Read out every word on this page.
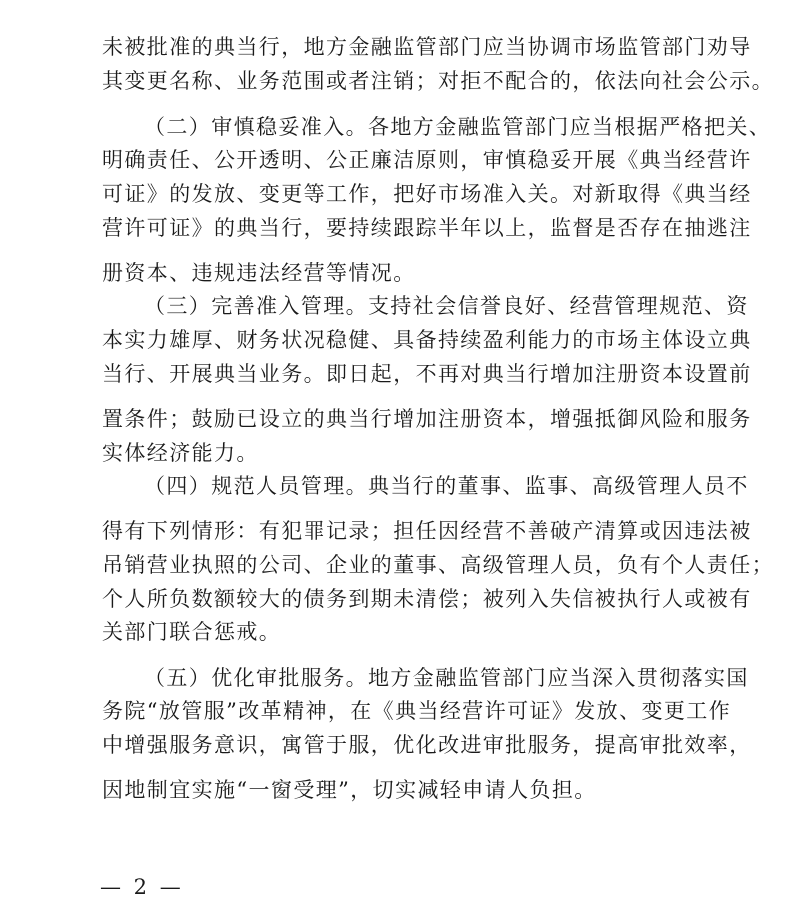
未被批准的典当行，地方金融监管部门应当协调市场监管部门劝导
其变更名称、业务范围或者注销；对拒不配合的，依法向社会公示。
（二）审慎稳妥准入。各地方金融监管部门应当根据严格把关、
明确责任、公开透明、公正廉洁原则，审慎稳妥开展《典当经营许
可证》的发放、变更等工作，把好市场准入关。对新取得《典当经
营许可证》的典当行，要持续跟踪半年以上，监督是否存在抽逃注
册资本、违规违法经营等情况。
（三）完善准入管理。支持社会信誉良好、经营管理规范、资
本实力雄厚、财务状况稳健、具备持续盈利能力的市场主体设立典
当行、开展典当业务。即日起，不再对典当行增加注册资本设置前
置条件；鼓励已设立的典当行增加注册资本，增强抵御风险和服务
实体经济能力。
（四）规范人员管理。典当行的董事、监事、高级管理人员不
得有下列情形：有犯罪记录；担任因经营不善破产清算或因违法被
吊销营业执照的公司、企业的董事、高级管理人员，负有个人责任；
个人所负数额较大的债务到期未清偿；被列入失信被执行人或被有
关部门联合惩戒。
（五）优化审批服务。地方金融监管部门应当深入贯彻落实国
务院“放管服”改革精神，在《典当经营许可证》发放、变更工作
中增强服务意识，寓管于服，优化改进审批服务，提高审批效率，
因地制宜实施“一窗受理”，切实减轻申请人负担。
— 2 —
